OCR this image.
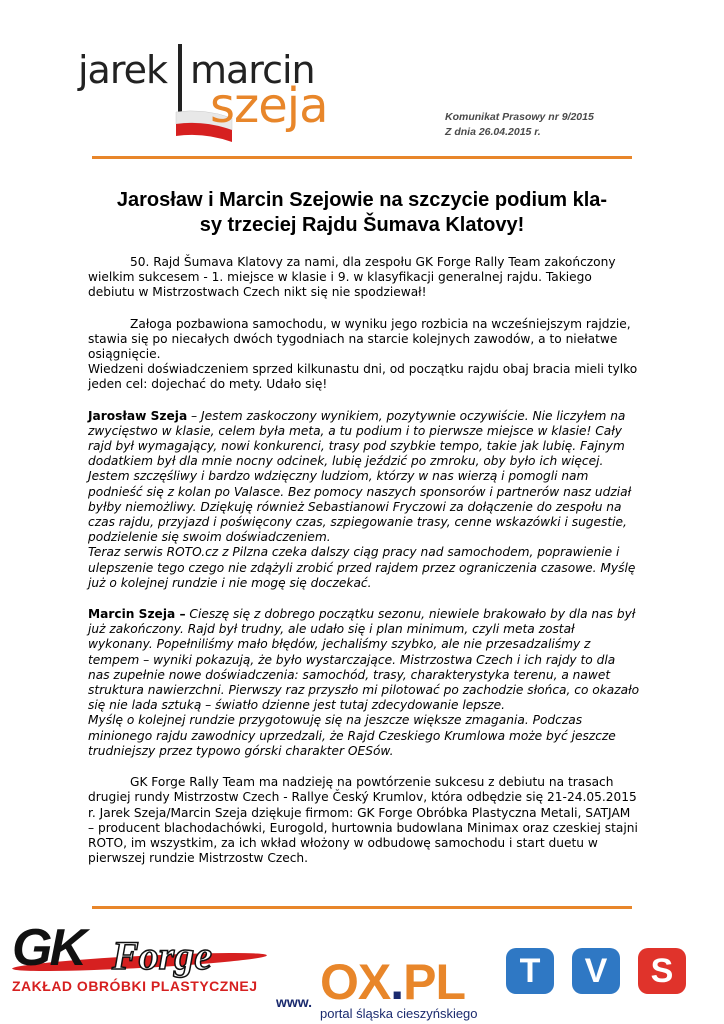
jarek marcin
szeja	Komunikat Prasowy nr 9/2015
Z dnia 26.04.2015 r.
Jarosław i Marcin Szejowie na szczycie podium kla-
sy trzeciej Rajdu Šumava Klatovy!

50. Rajd Šumava Klatovy za nami, dla zespołu GK Forge Rally Team zakończony wielkim sukcesem - 1. miejsce w klasie i 9. w klasyfikacji generalnej rajdu. Takiego debiutu w Mistrzostwach Czech nikt się nie spodziewał!

Załoga pozbawiona samochodu, w wyniku jego rozbicia na wcześniejszym rajdzie, stawia się po niecałych dwóch tygodniach na starcie kolejnych zawodów, a to niełatwe osiągnięcie.

Wiedzeni doświadczeniem sprzed kilkunastu dni, od początku rajdu obaj bracia mieli tylko jeden cel: dojechać do mety. Udało się!

Jarosław Szeja – Jestem zaskoczony wynikiem, pozytywnie oczywiście. Nie liczyłem na zwycięstwo w klasie, celem była meta, a tu podium i to pierwsze miejsce w klasie! Cały rajd był wymagający, nowi konkurenci, trasy pod szybkie tempo, takie jak lubię. Fajnym dodatkiem był dla mnie nocny odcinek, lubię jeździć po zmroku, oby było ich więcej.

Jestem szczęśliwy i bardzo wdzięczny ludziom, którzy w nas wierzą i pomogli nam podnieść się z kolan po Valasce. Bez pomocy naszych sponsorów i partnerów nasz udział byłby niemożliwy. Dziękuję również Sebastianowi Fryczowi za dołączenie do zespołu na czas rajdu, przyjazd i poświęcony czas, szpiegowanie trasy, cenne wskazówki i sugestie, podzielenie się swoim doświadczeniem.

Teraz serwis ROTO.cz z Pilzna czeka dalszy ciąg pracy nad samochodem, poprawienie i ulepszenie tego czego nie zdążyli zrobić przed rajdem przez ograniczenia czasowe. Myślę już o kolejnej rundzie i nie mogę się doczekać.

Marcin Szeja – Cieszę się z dobrego początku sezonu, niewiele brakowało by dla nas był już zakończony. Rajd był trudny, ale udało się i plan minimum, czyli meta został wykonany. Popełniliśmy mało błędów, jechaliśmy szybko, ale nie przesadzaliśmy z tempem – wyniki pokazują, że było wystarczające. Mistrzostwa Czech i ich rajdy to dla nas zupełnie nowe doświadczenia: samochód, trasy, charakterystyka terenu, a nawet struktura nawierzchni. Pierwszy raz przyszło mi pilotować po zachodzie słońca, co okazało się nie lada sztuką – światło dzienne jest tutaj zdecydowanie lepsze.

Myślę o kolejnej rundzie przygotowuję się na jeszcze większe zmagania. Podczas minionego rajdu zawodnicy uprzedzali, że Rajd Czeskiego Krumlowa może być jeszcze trudniejszy przez typowo górski charakter OESów.

GK Forge Rally Team ma nadzieję na powtórzenie sukcesu z debiutu na trasach drugiej rundy Mistrzostw Czech - Rallye Český Krumlov, która odbędzie się 21-24.05.2015 r. Jarek Szeja/Marcin Szeja dziękuje firmom: GK Forge Obróbka Plastyczna Metali, SATJAM – producent blachodachówki, Eurogold, hurtownia budowlana Minimax oraz czeskiej stajni ROTO, im wszystkim, za ich wkład włożony w odbudowę samochodu i start duetu w pierwszej rundzie Mistrzostw Czech.

GK Forge
ZAKŁAD OBRÓBKI PLASTYCZNEJ
www. OX.PL
portal śląska cieszyńskiego
T	V	S
